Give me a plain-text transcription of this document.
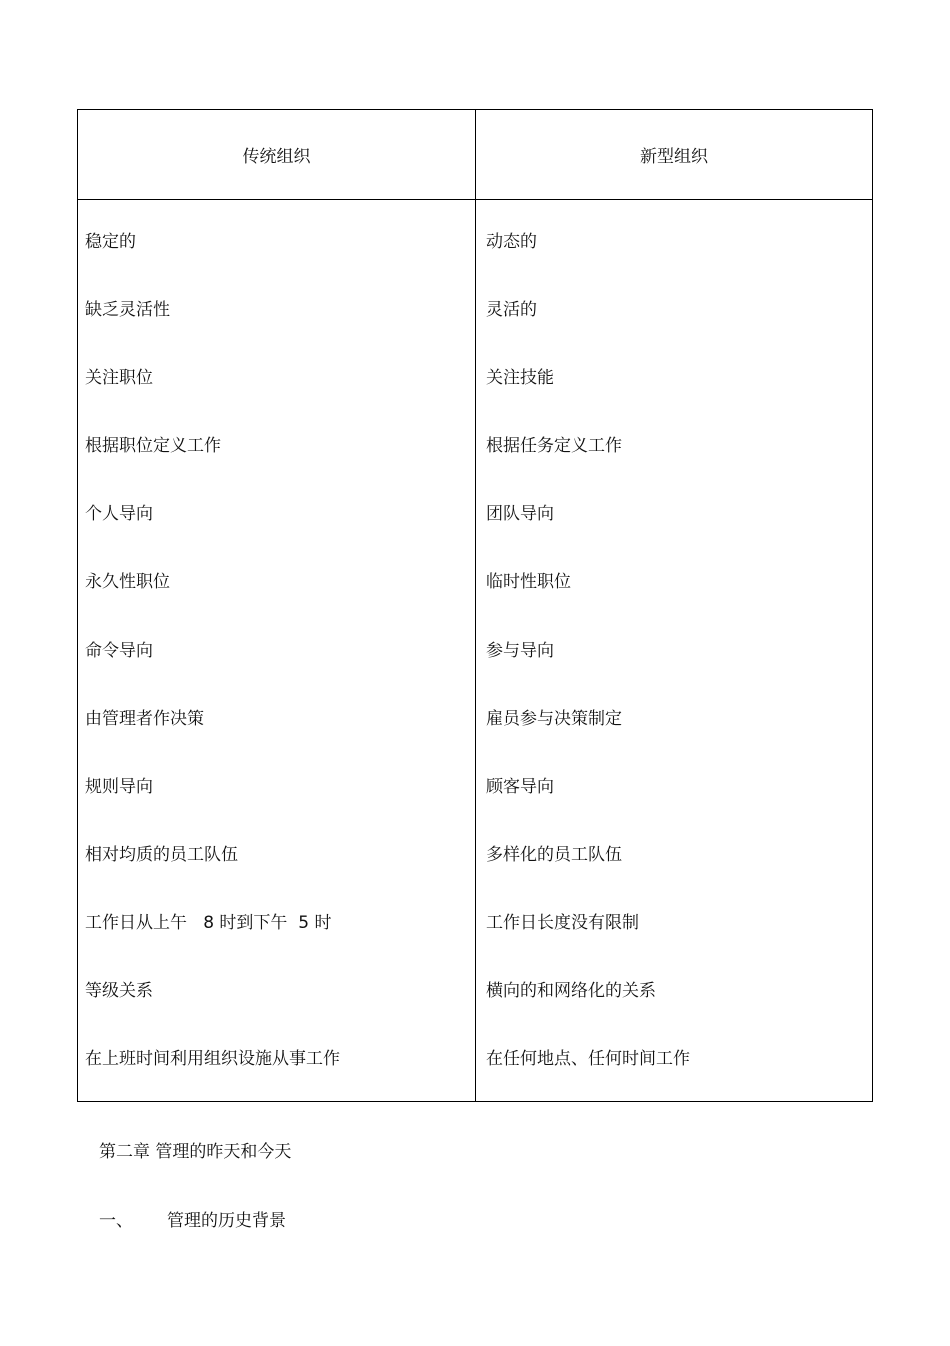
传统组织	新型组织
稳定的	动态的
缺乏灵活性	灵活的
关注职位	关注技能
根据职位定义工作	根据任务定义工作
个人导向	团队导向
永久性职位	临时性职位
命令导向	参与导向
由管理者作决策	雇员参与决策制定
规则导向	顾客导向
相对均质的员工队伍	多样化的员工队伍
工作日从上午   8 时到下午  5 时	工作日长度没有限制
等级关系	横向的和网络化的关系
在上班时间利用组织设施从事工作	在任何地点、任何时间工作
第二章 管理的昨天和今天
一、	管理的历史背景
